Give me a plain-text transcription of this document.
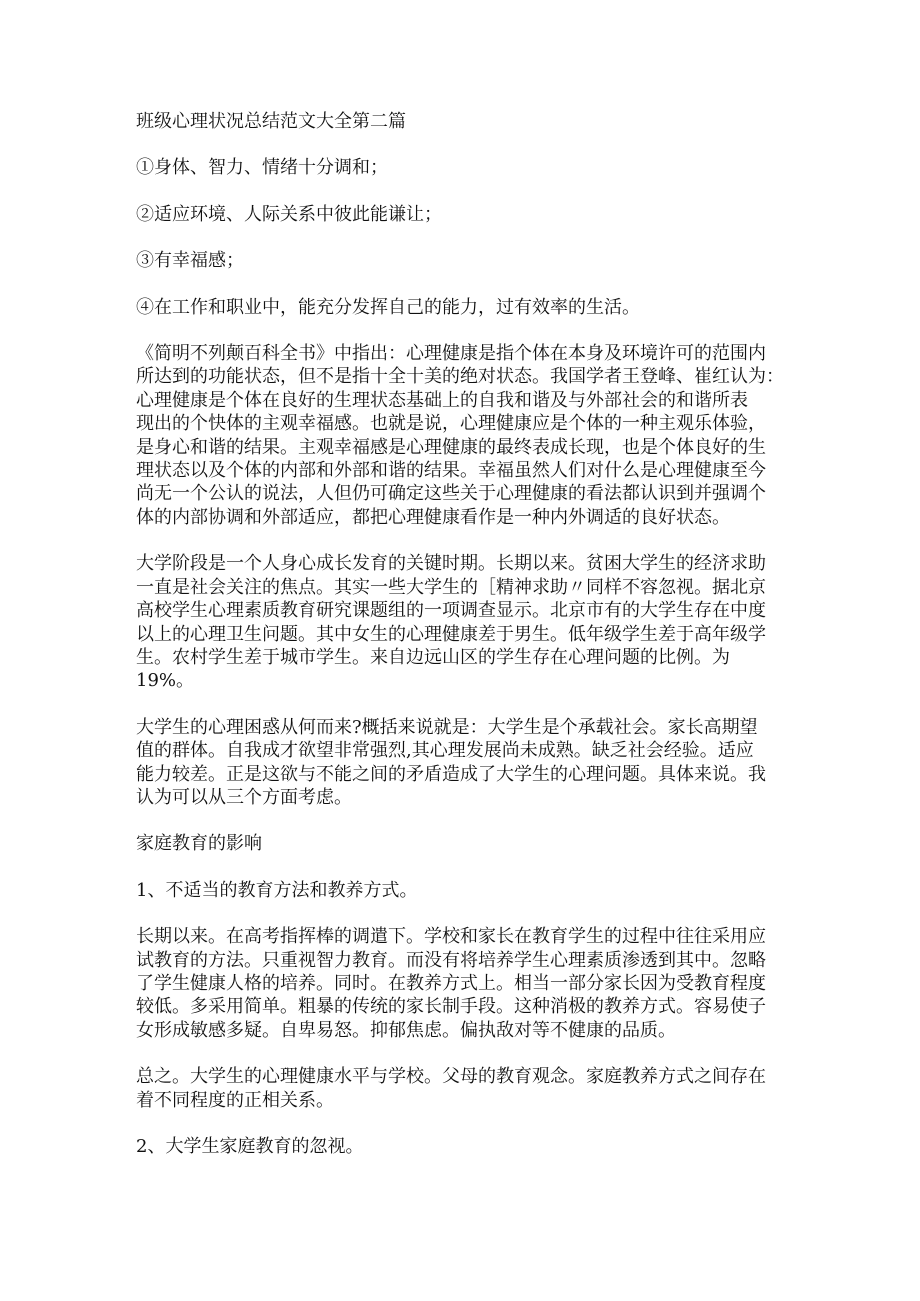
班级心理状况总结范文大全第二篇

①身体、智力、情绪十分调和；

②适应环境、人际关系中彼此能谦让；

③有幸福感；

④在工作和职业中，能充分发挥自己的能力，过有效率的生活。

《简明不列颠百科全书》中指出：心理健康是指个体在本身及环境许可的范围内
所达到的功能状态，但不是指十全十美的绝对状态。我国学者王登峰、崔红认为：
心理健康是个体在良好的生理状态基础上的自我和谐及与外部社会的和谐所表
现出的个快体的主观幸福感。也就是说，心理健康应是个体的一种主观乐体验，
是身心和谐的结果。主观幸福感是心理健康的最终表成长现，也是个体良好的生
理状态以及个体的内部和外部和谐的结果。幸福虽然人们对什么是心理健康至今
尚无一个公认的说法，人但仍可确定这些关于心理健康的看法都认识到并强调个
体的内部协调和外部适应，都把心理健康看作是一种内外调适的良好状态。

大学阶段是一个人身心成长发育的关键时期。长期以来。贫困大学生的经济求助
一直是社会关注的焦点。其实一些大学生的［精神求助〃同样不容忽视。据北京
高校学生心理素质教育研究课题组的一项调查显示。北京市有的大学生存在中度
以上的心理卫生问题。其中女生的心理健康差于男生。低年级学生差于高年级学
生。农村学生差于城市学生。来自边远山区的学生存在心理问题的比例。为
19%。

大学生的心理困惑从何而来?概括来说就是：大学生是个承载社会。家长高期望
值的群体。自我成才欲望非常强烈,其心理发展尚未成熟。缺乏社会经验。适应
能力较差。正是这欲与不能之间的矛盾造成了大学生的心理问题。具体来说。我
认为可以从三个方面考虑。

家庭教育的影响

1、不适当的教育方法和教养方式。

长期以来。在高考指挥棒的调遣下。学校和家长在教育学生的过程中往往采用应
试教育的方法。只重视智力教育。而没有将培养学生心理素质渗透到其中。忽略
了学生健康人格的培养。同时。在教养方式上。相当一部分家长因为受教育程度
较低。多采用简单。粗暴的传统的家长制手段。这种消极的教养方式。容易使子
女形成敏感多疑。自卑易怒。抑郁焦虑。偏执敌对等不健康的品质。

总之。大学生的心理健康水平与学校。父母的教育观念。家庭教养方式之间存在
着不同程度的正相关系。

2、大学生家庭教育的忽视。
